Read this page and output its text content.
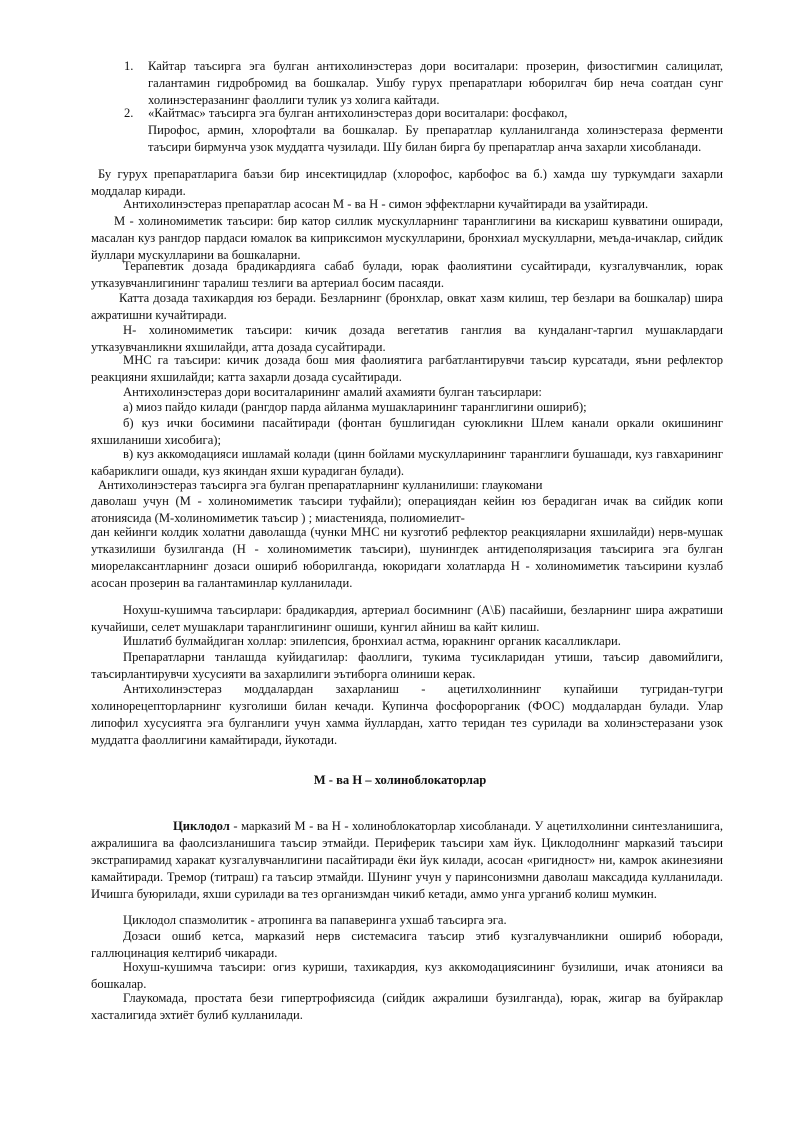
1. Кайтар таъсирга эга булган антихолинэстераз дори воситалари: прозерин, физостигмин салицилат, галантамин гидробромид ва бошкалар. Ушбу гурух препаратлари юборилгач бир неча соатдан сунг холинэстеразанинг фаоллиги тулик уз холига кайтади.

2. «Кайтмас» таъсирга эга булган антихолинэстераз дори воситалари: фосфакол,

Пирофос, армин, хлорофтали ва бошкалар. Бу препаратлар кулланилганда холинэстераза ферменти таъсири бирмунча узок муддатга чузилади. Шу билан бирга бу препаратлар анча захарли хисобланади.

Бу гурух препаратларига баъзи бир инсектицидлар (хлорофос, карбофос ва б.) хамда шу туркумдаги захарли моддалар киради.

Антихолинэстераз препаратлар асосан М - ва Н - симон эффектларни кучайтиради ва узайтиради.

М - холиномиметик таъсири: бир катор силлик мускулларнинг таранглигини ва кискариш кувватини оширади, масалан куз рангдор пардаси юмалок ва киприксимон мускулларини, бронхиал мускулларни, меъда-ичаклар, сийдик йуллари мускулларини ва бошкаларни.

Терапевтик дозада брадикардияга сабаб булади, юрак фаолиятини сусайтиради, кузгалувчанлик, юрак утказувчанлигининг таралиш тезлиги ва артериал босим пасаяди.

Катта дозада тахикардия юз беради. Безларнинг (бронхлар, овкат хазм килиш, тер безлари ва бошкалар) шира ажратишни кучайтиради.

Н- холиномиметик таъсири: кичик дозада вегетатив ганглия ва кундаланг-таргил мушаклардаги утказувчанликни яхшилайди, атта дозада сусайтиради.

МНС га таъсири: кичик дозада бош мия фаолиятига рагбатлантирувчи таъсир курсатади, яъни рефлектор реакцияни яхшилайди; катта захарли дозада сусайтиради.

Антихолинэстераз дори воситаларининг амалий ахамияти булган таъсирлари:

а) миоз пайдо килади (рангдор парда айланма мушакларининг таранглигини ошириб);

б) куз ички босимини пасайтиради (фонтан бушлигидан суюкликни Шлем канали оркали окишининг яхшиланиши хисобига);

в) куз аккомодацияси ишламай колади (цинн бойлами мускулларининг таранглиги бушашади, куз гавхарининг кабариклиги ошади, куз якиндан яхши курадиган булади).

Антихолинэстераз таъсирга эга булган препаратларнинг кулланилиши: глаукомани

даволаш учун (М - холиномиметик таъсири туфайли); операциядан кейин юз берадиган ичак ва сийдик копи атониясида (М-холиномиметик таъсир ) ; миастенияда, полиомиелит-

дан кейинги колдик холатни даволашда (чунки МНС ни кузготиб рефлектор реакцияларни яхшилайди) нерв-мушак утказилиши бузилганда (Н - холиномиметик таъсири), шунингдек антидеполяризация таъсирига эга булган миорелаксантларнинг дозаси ошириб юборилганда, юкоридаги холатларда Н - холиномиметик таъсирини кузлаб асосан прозерин ва галантаминлар кулланилади.

Нохуш-кушимча таъсирлари: брадикардия, артериал босимнинг (А\Б) пасайиши, безларнинг шира ажратиши кучайиши, селет мушаклари таранглигининг ошиши, кунгил айниш ва кайт килиш.

Ишлатиб булмайдиган холлар: эпилепсия, бронхиал астма, юракнинг органик касалликлари.

Препаратларни танлашда куйидагилар: фаоллиги, тукима тусикларидан утиши, таъсир давомийлиги, таъсирлантирувчи хусусияти ва захарлилиги эътиборга олиниши керак.

Антихолинэстераз моддалардан захарланиш - ацетилхолиннинг купайиши тугридан-тугри холинорецепторларнинг кузголиши билан кечади. Купинча фосфорорганик (ФОС) моддалардан булади. Улар липофил хусусиятга эга булганлиги учун хамма йуллардан, хатто теридан тез сурилади ва холинэстеразани узок муддатга фаоллигини камайтиради, йукотади.

М - ва Н – холиноблокаторлар

Циклодол - марказий М - ва Н - холиноблокаторлар хисобланади. У ацетилхолинни синтезланишига, ажралишига ва фаолсизланишига таъсир этмайди. Периферик таъсири хам йук. Циклодолнинг марказий таъсири экстрапирамид харакат кузгалувчанлигини пасайтиради ёки йук килади, асосан «ригидност» ни, камрок акинезияни камайтиради. Тремор (титраш) га таъсир этмайди. Шунинг учун у паринсонизмни даволаш максадида кулланилади. Ичишга буюрилади, яхши сурилади ва тез организмдан чикиб кетади, аммо унга урганиб колиш мумкин.

Циклодол спазмолитик - атропинга ва папаверинга ухшаб таъсирга эга.

Дозаси ошиб кетса, марказий нерв системасига таъсир этиб кузгалувчанликни ошириб юборади, галлюцинация келтириб чикаради.

Нохуш-кушимча таъсири: огиз куриши, тахикардия, куз аккомодациясининг бузилиши, ичак атонияси ва бошкалар.

Глаукомада, простата бези гипертрофиясида (сийдик ажралиши бузилганда), юрак, жигар ва буйраклар хасталигида эхтиёт булиб кулланилади.
